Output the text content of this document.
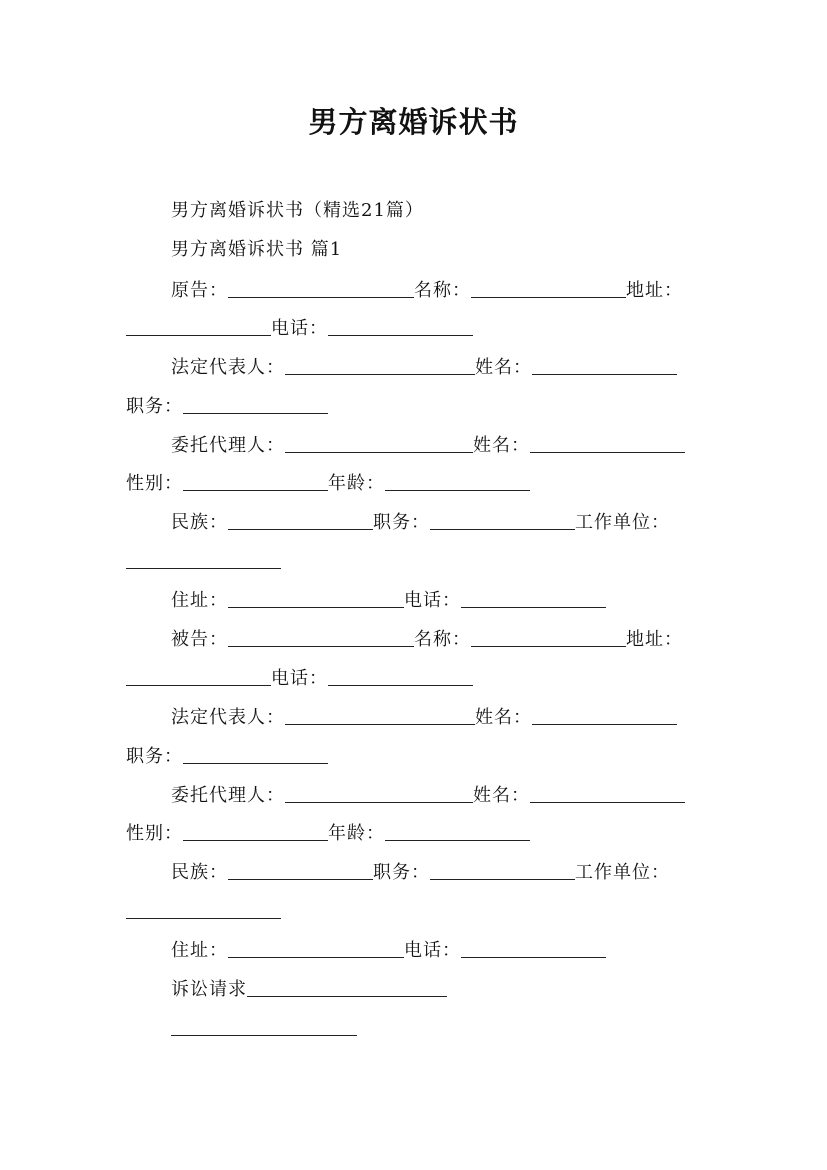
男方离婚诉状书
男方离婚诉状书（精选21篇）
男方离婚诉状书 篇1
原告：	名称：	地址：
电话：
法定代表人：	姓名：
职务：
委托代理人：	姓名：
性别：	年龄：
民族：	职务：	工作单位：
住址：	电话：
被告：	名称：	地址：
电话：
法定代表人：	姓名：
职务：
委托代理人：	姓名：
性别：	年龄：
民族：	职务：	工作单位：
住址：	电话：
诉讼请求
